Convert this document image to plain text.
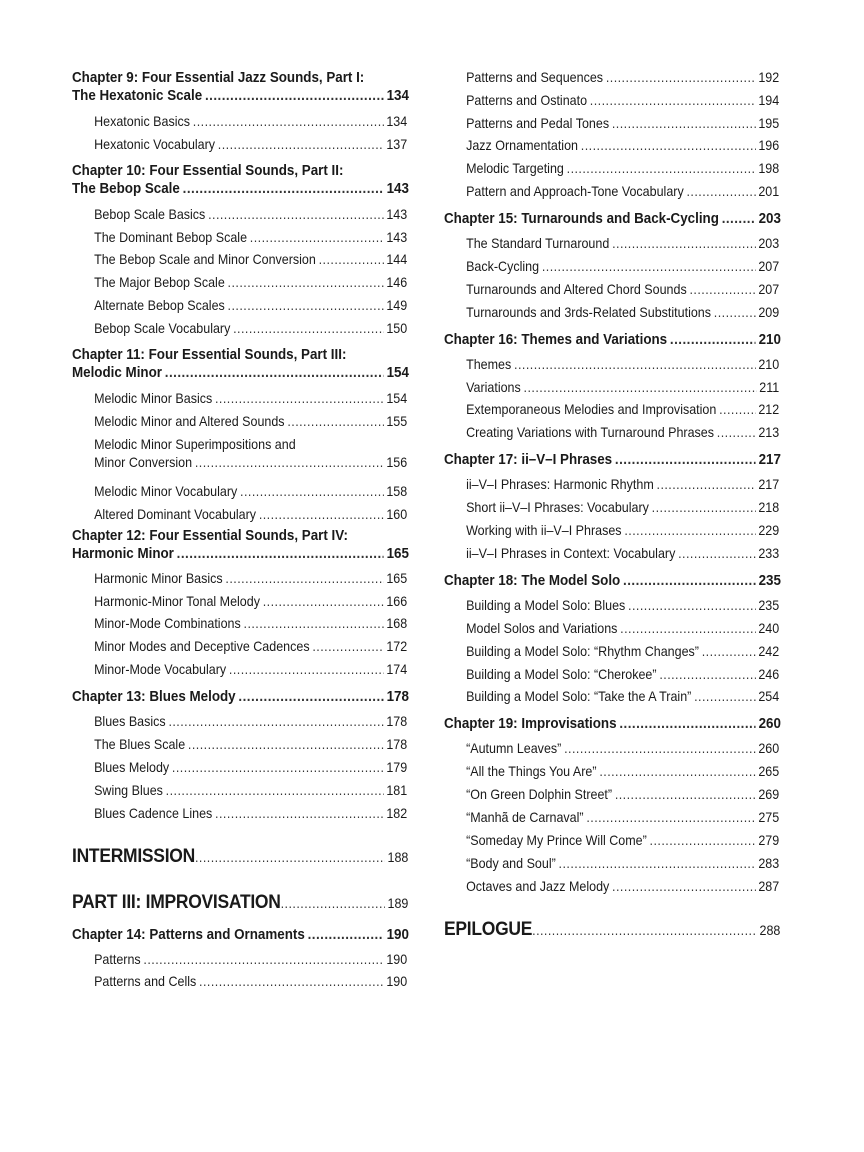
Chapter 9: Four Essential Jazz Sounds, Part I:
The Hexatonic Scale .....	134
Hexatonic Basics .....	134
Hexatonic Vocabulary .....	137
Chapter 10: Four Essential Sounds, Part II:
The Bebop Scale .....	143
Bebop Scale Basics .....	143
The Dominant Bebop Scale .....	143
The Bebop Scale and Minor Conversion .....	144
The Major Bebop Scale .....	146
Alternate Bebop Scales .....	149
Bebop Scale Vocabulary .....	150
Chapter 11: Four Essential Sounds, Part III:
Melodic Minor .....	154
Melodic Minor Basics .....	154
Melodic Minor and Altered Sounds .....	155
Melodic Minor Superimpositions and
Minor Conversion .....	156
Melodic Minor Vocabulary .....	158
Altered Dominant Vocabulary .....	160
Chapter 12: Four Essential Sounds, Part IV:
Harmonic Minor .....	165
Harmonic Minor Basics .....	165
Harmonic-Minor Tonal Melody .....	166
Minor-Mode Combinations .....	168
Minor Modes and Deceptive Cadences .....	172
Minor-Mode Vocabulary .....	174
Chapter 13: Blues Melody .....	178
Blues Basics .....	178
The Blues Scale .....	178
Blues Melody .....	179
Swing Blues .....	181
Blues Cadence Lines .....	182
INTERMISSION .....	188
PART III: IMPROVISATION .....	189
Chapter 14: Patterns and Ornaments .....	190
Patterns .....	190
Patterns and Cells .....	190
Patterns and Sequences .....	192
Patterns and Ostinato .....	194
Patterns and Pedal Tones .....	195
Jazz Ornamentation .....	196
Melodic Targeting .....	198
Pattern and Approach-Tone Vocabulary .....	201
Chapter 15: Turnarounds and Back-Cycling .....	203
The Standard Turnaround .....	203
Back-Cycling .....	207
Turnarounds and Altered Chord Sounds .....	207
Turnarounds and 3rds-Related Substitutions .....	209
Chapter 16: Themes and Variations .....	210
Themes .....	210
Variations .....	211
Extemporaneous Melodies and Improvisation .....	212
Creating Variations with Turnaround Phrases .....	213
Chapter 17: ii–V–I Phrases .....	217
ii–V–I Phrases: Harmonic Rhythm .....	217
Short ii–V–I Phrases: Vocabulary .....	218
Working with ii–V–I Phrases .....	229
ii–V–I Phrases in Context: Vocabulary .....	233
Chapter 18: The Model Solo .....	235
Building a Model Solo: Blues .....	235
Model Solos and Variations .....	240
Building a Model Solo: “Rhythm Changes” .....	242
Building a Model Solo: “Cherokee” .....	246
Building a Model Solo: “Take the A Train” .....	254
Chapter 19: Improvisations .....	260
“Autumn Leaves” .....	260
“All the Things You Are” .....	265
“On Green Dolphin Street” .....	269
“Manhã de Carnaval” .....	275
“Someday My Prince Will Come” .....	279
“Body and Soul” .....	283
Octaves and Jazz Melody .....	287
EPILOGUE .....	288
